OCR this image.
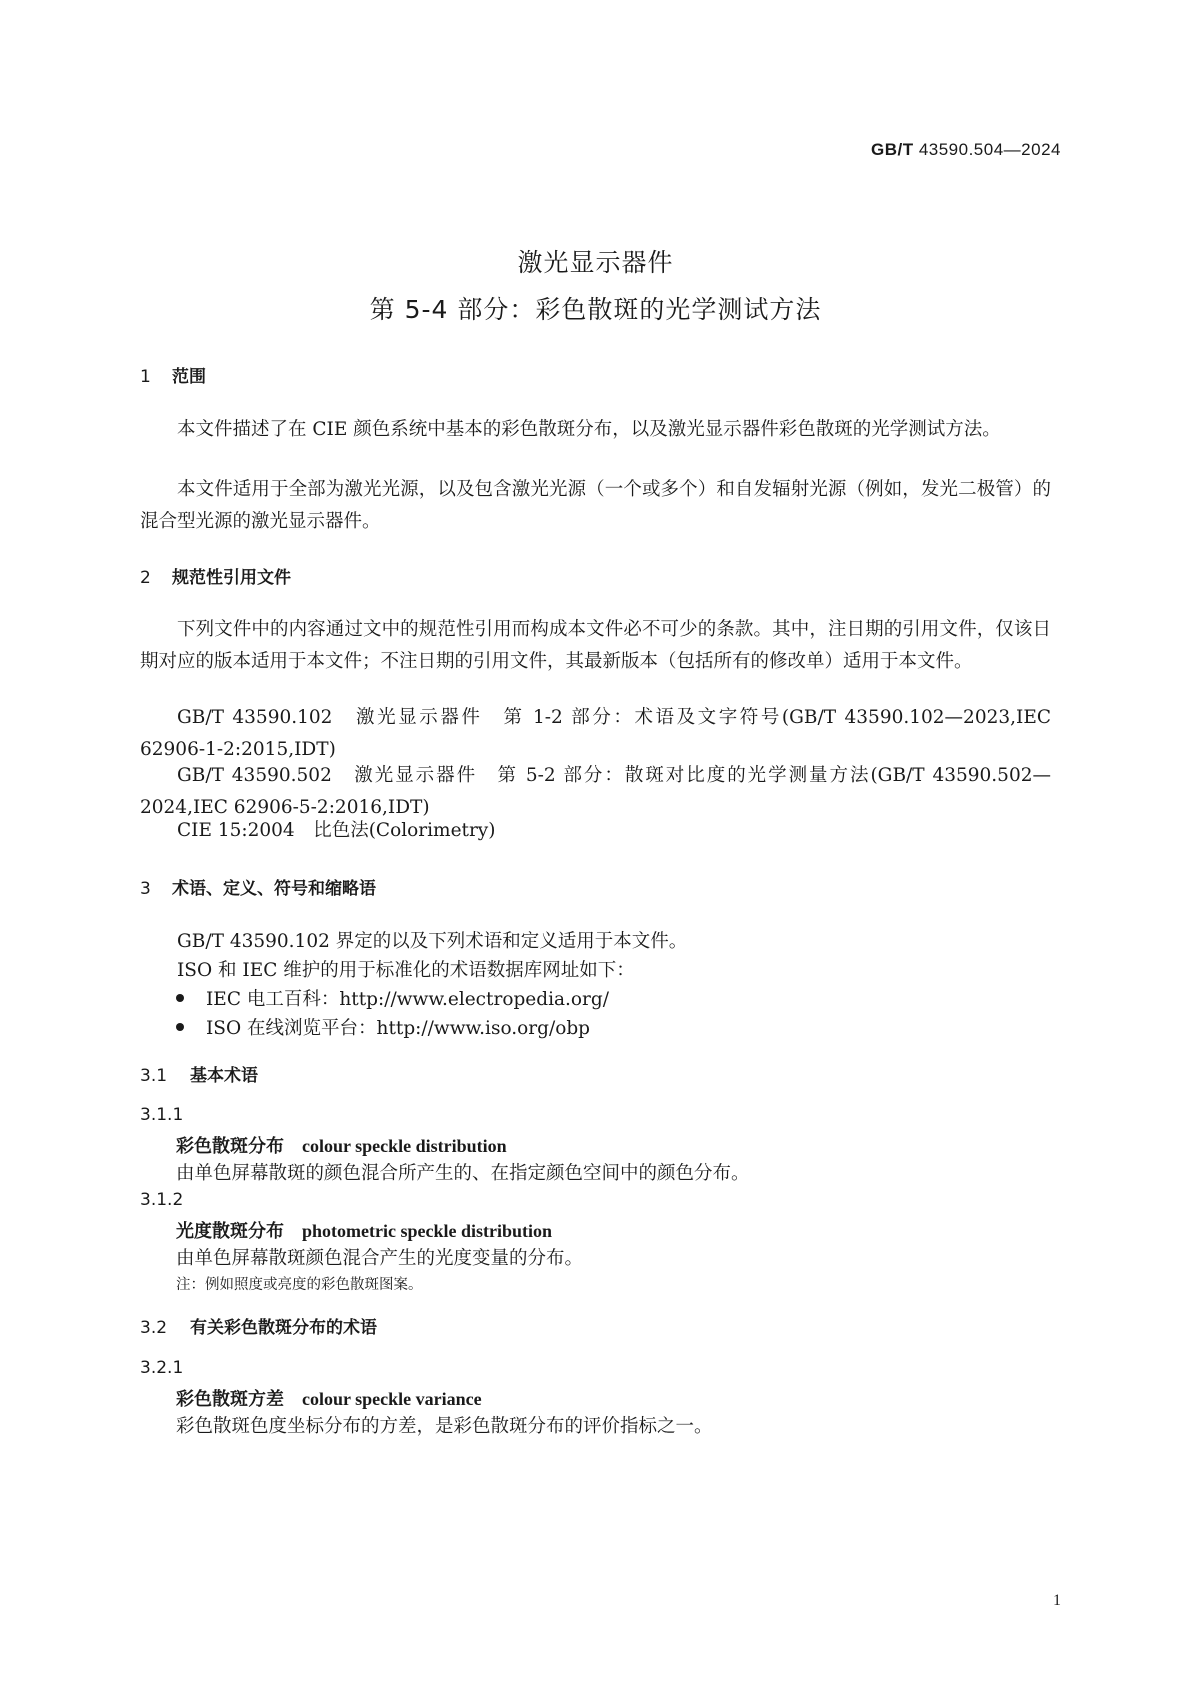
GB/T 43590.504—2024
激光显示器件
第 5-4 部分：彩色散斑的光学测试方法
1 范围
本文件描述了在 CIE 颜色系统中基本的彩色散斑分布，以及激光显示器件彩色散斑的光学测试方法。
本文件适用于全部为激光光源，以及包含激光光源（一个或多个）和自发辐射光源（例如，发光二极管）的混合型光源的激光显示器件。
2 规范性引用文件
下列文件中的内容通过文中的规范性引用而构成本文件必不可少的条款。其中，注日期的引用文件，仅该日期对应的版本适用于本文件；不注日期的引用文件，其最新版本（包括所有的修改单）适用于本文件。
GB/T 43590.102　激光显示器件　第 1-2 部分：术语及文字符号(GB/T 43590.102—2023,IEC 62906-1-2:2015,IDT)
GB/T 43590.502　激光显示器件　第 5-2 部分：散斑对比度的光学测量方法(GB/T 43590.502—2024,IEC 62906-5-2:2016,IDT)
CIE 15:2004　比色法(Colorimetry)
3 术语、定义、符号和缩略语
GB/T 43590.102 界定的以及下列术语和定义适用于本文件。
ISO 和 IEC 维护的用于标准化的术语数据库网址如下：
IEC 电工百科：http://www.electropedia.org/
ISO 在线浏览平台：http://www.iso.org/obp
3.1 基本术语
3.1.1
彩色散斑分布 colour speckle distribution
由单色屏幕散斑的颜色混合所产生的、在指定颜色空间中的颜色分布。
3.1.2
光度散斑分布 photometric speckle distribution
由单色屏幕散斑颜色混合产生的光度变量的分布。
注：例如照度或亮度的彩色散斑图案。
3.2 有关彩色散斑分布的术语
3.2.1
彩色散斑方差 colour speckle variance
彩色散斑色度坐标分布的方差，是彩色散斑分布的评价指标之一。
1
